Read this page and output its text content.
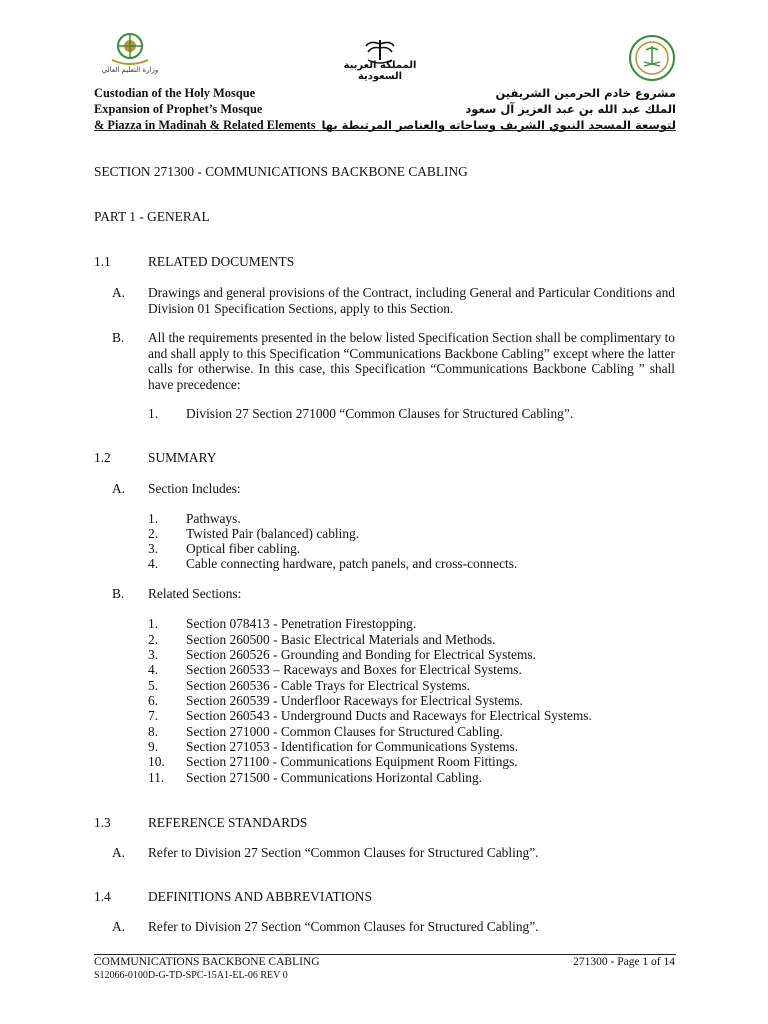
وزارة التعليم العالي	المملكة العربية السعودية
Custodian of the Holy Mosque
Expansion of Prophet’s Mosque
& Piazza in Madinah & Related Elements
مشروع خادم الحرمين الشريفين
الملك عبد الله بن عبد العزيز آل سعود
لتوسعة المسجد النبوي الشريف وساحاته والعناصر المرتبطة بها
SECTION 271300 - COMMUNICATIONS BACKBONE CABLING
PART 1 - GENERAL
1.1	RELATED DOCUMENTS
A. Drawings and general provisions of the Contract, including General and Particular Conditions and Division 01 Specification Sections, apply to this Section.
B. All the requirements presented in the below listed Specification Section shall be complimentary to and shall apply to this Specification “Communications Backbone Cabling” except where the latter calls for otherwise. In this case, this Specification “Communications Backbone Cabling ” shall have precedence:
1. Division 27 Section 271000 “Common Clauses for Structured Cabling”.
1.2	SUMMARY
A. Section Includes:
1. Pathways.
2. Twisted Pair (balanced) cabling.
3. Optical fiber cabling.
4. Cable connecting hardware, patch panels, and cross-connects.
B. Related Sections:
1. Section 078413 - Penetration Firestopping.
2. Section 260500 - Basic Electrical Materials and Methods.
3. Section 260526 - Grounding and Bonding for Electrical Systems.
4. Section 260533 – Raceways and Boxes for Electrical Systems.
5. Section 260536 - Cable Trays for Electrical Systems.
6. Section 260539 - Underfloor Raceways for Electrical Systems.
7. Section 260543 - Underground Ducts and Raceways for Electrical Systems.
8. Section 271000 - Common Clauses for Structured Cabling.
9. Section 271053 - Identification for Communications Systems.
10. Section 271100 - Communications Equipment Room Fittings.
11. Section 271500 - Communications Horizontal Cabling.
1.3	REFERENCE STANDARDS
A. Refer to Division 27 Section “Common Clauses for Structured Cabling”.
1.4	DEFINITIONS AND ABBREVIATIONS
A. Refer to Division 27 Section “Common Clauses for Structured Cabling”.
COMMUNICATIONS BACKBONE CABLING	271300 - Page 1 of 14
S12066-0100D-G-TD-SPC-15A1-EL-06 REV 0
